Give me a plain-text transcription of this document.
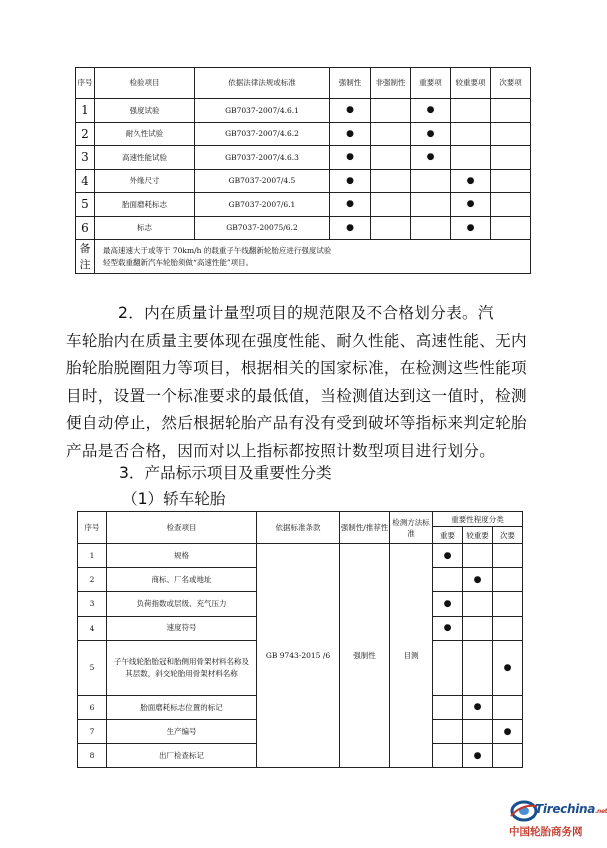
序号	检验项目	依据法律法规或标准	强制性	非强制性	重要项	较重要项	次要项
1	强度试验	GB7037-2007/4.6.1	●		●		
2	耐久性试验	GB7037-2007/4.6.2	●		●		
3	高速性能试验	GB7037-2007/4.6.3	●		●		
4	外缘尺寸	GB7037-2007/4.5	●			●	
5	胎面磨耗标志	GB7037-2007/6.1	●			●	
6	标志	GB7037-20075/6.2	●			●	
备注	最高速速大于或等于 70km/h 的载重子午线翻新轮胎应进行强度试验
轻型载重翻新汽车轮胎须做“高速性能”项目。						
2．内在质量计量型项目的规范限及不合格划分表。汽
车轮胎内在质量主要体现在强度性能、耐久性能、高速性能、无内胎轮胎脱圈阻力等项目，根据相关的国家标准，在检测这些性能项目时，设置一个标准要求的最低值，当检测值达到这一值时，检测便自动停止，然后根据轮胎产品有没有受到破坏等指标来判定轮胎产品是否合格，因而对以上指标都按照计数型项目进行划分。
3．产品标示项目及重要性分类
（1）轿车轮胎
序号	检查项目	依据标准条款	强制性/推荐性	检测方法标准	重要性程度分类		
					重要	较重要	次要
1	规格	GB 9743-2015 /6	强制性	目测	●		
2	商标、厂名或地址					●	
3	负荷指数或层级、充气压力				●		
4	速度符号				●		
5	子午线轮胎胎冠和胎侧用骨架材料名称及其层数，斜交轮胎用骨架材料名称						●
6	胎面磨耗标志位置的标记					●	
7	生产编号						●
8	出厂检查标记					●	
Tirechina.net
中国轮胎商务网
